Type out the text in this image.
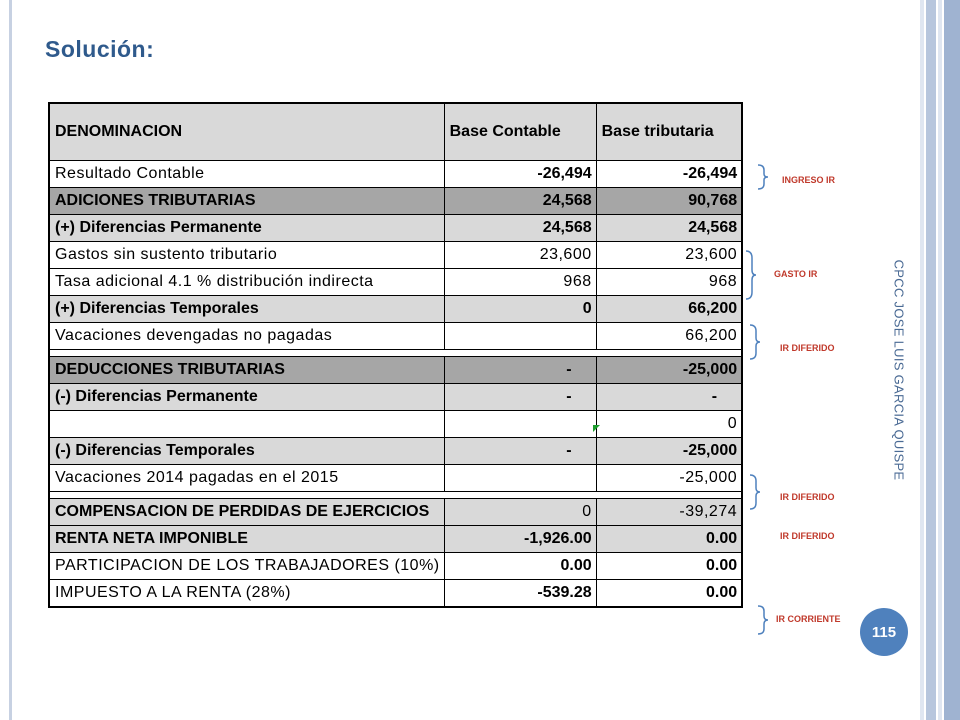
Solución:
DENOMINACION	Base Contable	Base tributaria
Resultado Contable	-26,494	-26,494
ADICIONES TRIBUTARIAS	24,568	90,768
(+) Diferencias Permanente	24,568	24,568
Gastos sin sustento tributario	23,600	23,600
Tasa adicional 4.1 % distribución indirecta	968	968
(+) Diferencias Temporales	0	66,200
Vacaciones devengadas no pagadas		66,200

DEDUCCIONES TRIBUTARIAS	-	-25,000
(-) Diferencias Permanente	-	-
		0
(-) Diferencias Temporales	-	-25,000
Vacaciones 2014 pagadas en el 2015		-25,000

COMPENSACION DE PERDIDAS DE EJERCICIOS	0	-39,274
RENTA NETA IMPONIBLE	-1,926.00	0.00
PARTICIPACION DE LOS TRABAJADORES (10%)	0.00	0.00
IMPUESTO A LA RENTA (28%)	-539.28	0.00
INGRESO IR
GASTO IR
IR DIFERIDO
IR DIFERIDO
IR DIFERIDO
IR CORRIENTE
CPCC JOSE LUIS GARCIA QUISPE
115
